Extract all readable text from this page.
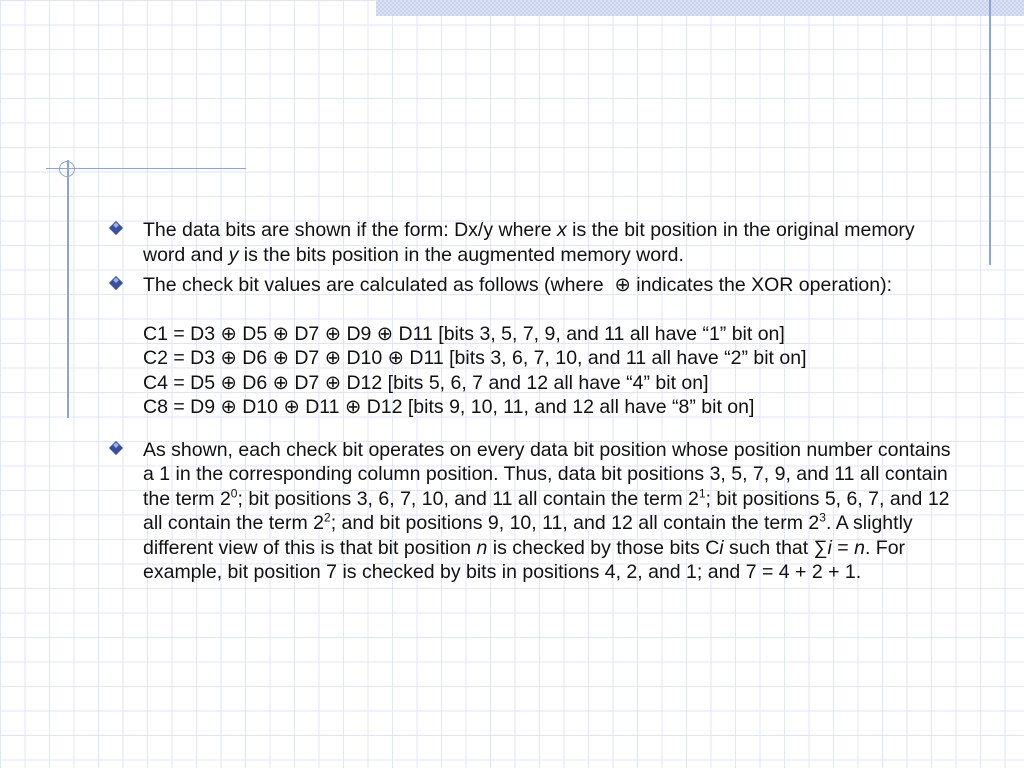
The data bits are shown if the form: Dx/y where x is the bit position in the original memory word and y is the bits position in the augmented memory word.

The check bit values are calculated as follows (where  ⊕ indicates the XOR operation):
C1 = D3 ⊕ D5 ⊕ D7 ⊕ D9 ⊕ D11 [bits 3, 5, 7, 9, and 11 all have “1” bit on]
C2 = D3 ⊕ D6 ⊕ D7 ⊕ D10 ⊕ D11 [bits 3, 6, 7, 10, and 11 all have “2” bit on]
C4 = D5 ⊕ D6 ⊕ D7 ⊕ D12 [bits 5, 6, 7 and 12 all have “4” bit on]
C8 = D9 ⊕ D10 ⊕ D11 ⊕ D12 [bits 9, 10, 11, and 12 all have “8” bit on]

As shown, each check bit operates on every data bit position whose position number contains a 1 in the corresponding column position. Thus, data bit positions 3, 5, 7, 9, and 11 all contain the term $2^0$; bit positions 3, 6, 7, 10, and 11 all contain the term $2^1$; bit positions 5, 6, 7, and 12 all contain the term $2^2$; and bit positions 9, 10, 11, and 12 all contain the term $2^3$. A slightly different view of this is that bit position n is checked by those bits Ci such that ∑i = n. For example, bit position 7 is checked by bits in positions 4, 2, and 1; and 7 = 4 + 2 + 1.
